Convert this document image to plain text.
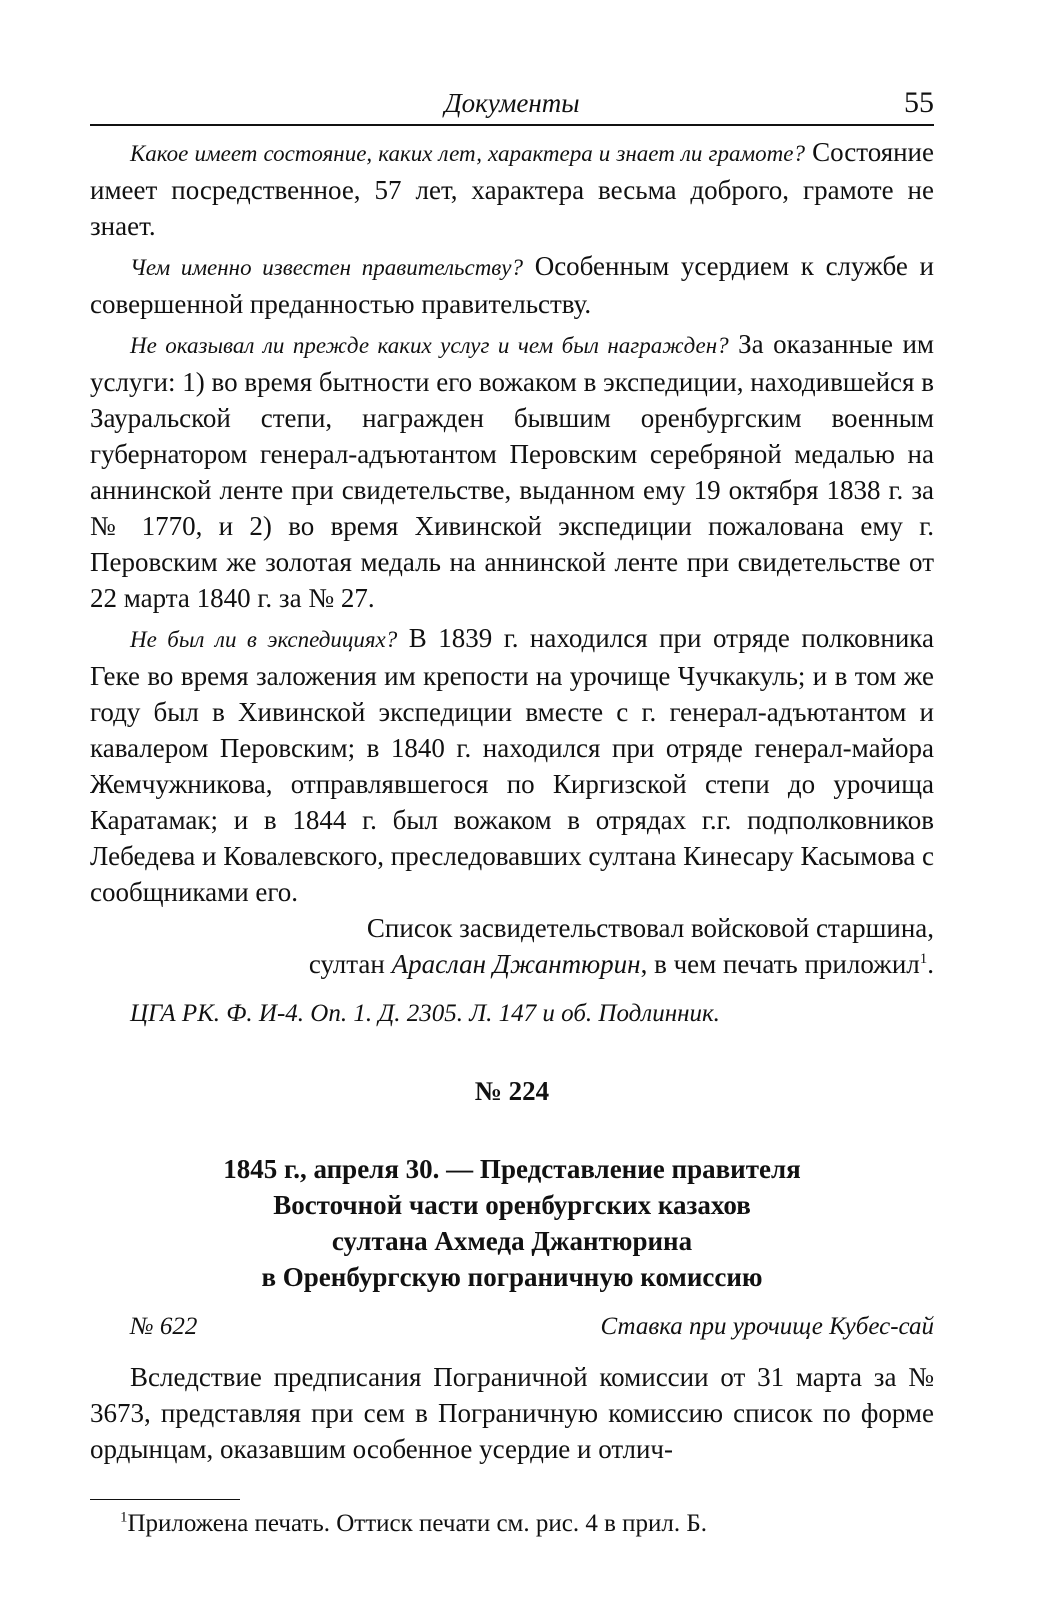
Документы	55

Какое имеет состояние, каких лет, характера и знает ли грамоте? Состояние имеет посредственное, 57 лет, характера весьма доброго, грамоте не знает.

Чем именно известен правительству? Особенным усердием к службе и совершенной преданностью правительству.

Не оказывал ли прежде каких услуг и чем был награжден? За оказанные им услуги: 1) во время бытности его вожаком в экспедиции, находившейся в Зауральской степи, награжден бывшим оренбургским военным губернатором генерал-адъютантом Перовским серебряной медалью на аннинской ленте при свидетельстве, выданном ему 19 октября 1838 г. за № 1770, и 2) во время Хивинской экспедиции пожалована ему г. Перовским же золотая медаль на аннинской ленте при свидетельстве от 22 марта 1840 г. за № 27.

Не был ли в экспедициях? В 1839 г. находился при отряде полковника Геке во время заложения им крепости на урочище Чучкакуль; и в том же году был в Хивинской экспедиции вместе с г. генерал-адъютантом и кавалером Перовским; в 1840 г. находился при отряде генерал-майора Жемчужникова, отправлявшегося по Киргизской степи до урочища Каратамак; и в 1844 г. был вожаком в отрядах г.г. подполковников Лебедева и Ковалевского, преследовавших султана Кинесару Касымова с сообщниками его.

Список засвидетельствовал войсковой старшина,

султан Араслан Джантюрин, в чем печать приложил$^1$.

ЦГА РК. Ф. И-4. Оп. 1. Д. 2305. Л. 147 и об. Подлинник.

№ 224

1845 г., апреля 30. — Представление правителя

Восточной части оренбургских казахов

султана Ахмеда Джантюрина

в Оренбургскую пограничную комиссию

№ 622	Ставка при урочище Кубес-сай

Вследствие предписания Пограничной комиссии от 31 марта за № 3673, представляя при сем в Пограничную комиссию список по форме ордынцам, оказавшим особенное усердие и отлич-

$^1$Приложена печать. Оттиск печати см. рис. 4 в прил. Б.
